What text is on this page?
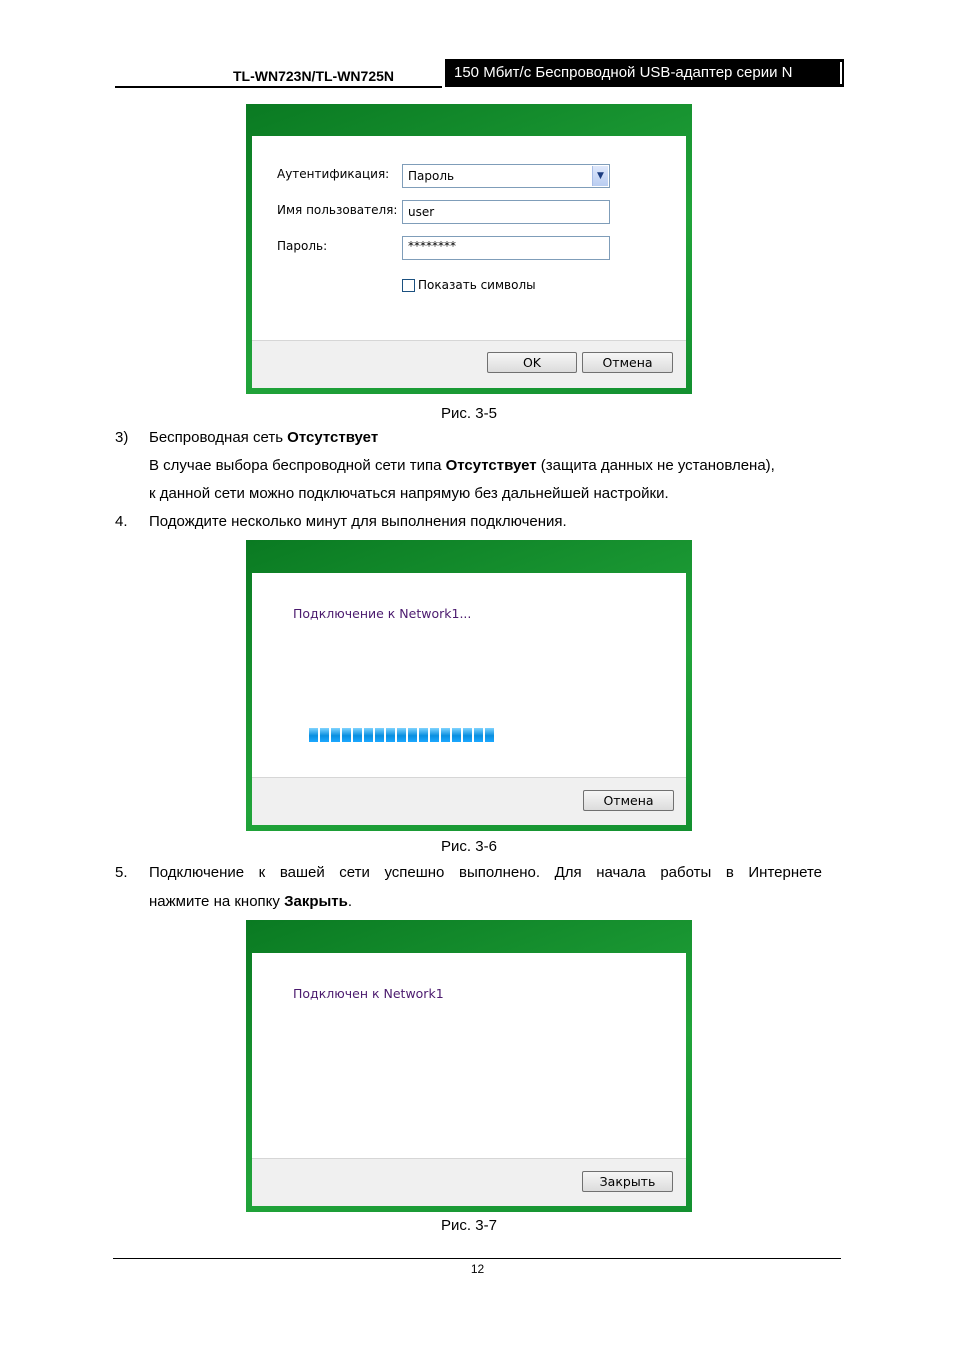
TL-WN723N/TL-WN725N	150 Мбит/с Беспроводной USB-адаптер серии N
Аутентификация:	Пароль	▼
Имя пользователя: user
Пароль:	********
Показать символы
OK	Отмена
Рис. 3-5
3) Беспроводная сеть Отсутствует
В случае выбора беспроводной сети типа Отсутствует (защита данных не установлена),
к данной сети можно подключаться напрямую без дальнейшей настройки.
4. Подождите несколько минут для выполнения подключения.
Подключение к Network1...
Отмена
Рис. 3-6
5. Подключение к вашей сети успешно выполнено. Для начала работы в Интернете
нажмите на кнопку Закрыть.
Подключен к Network1
Закрыть
Рис. 3-7
12
